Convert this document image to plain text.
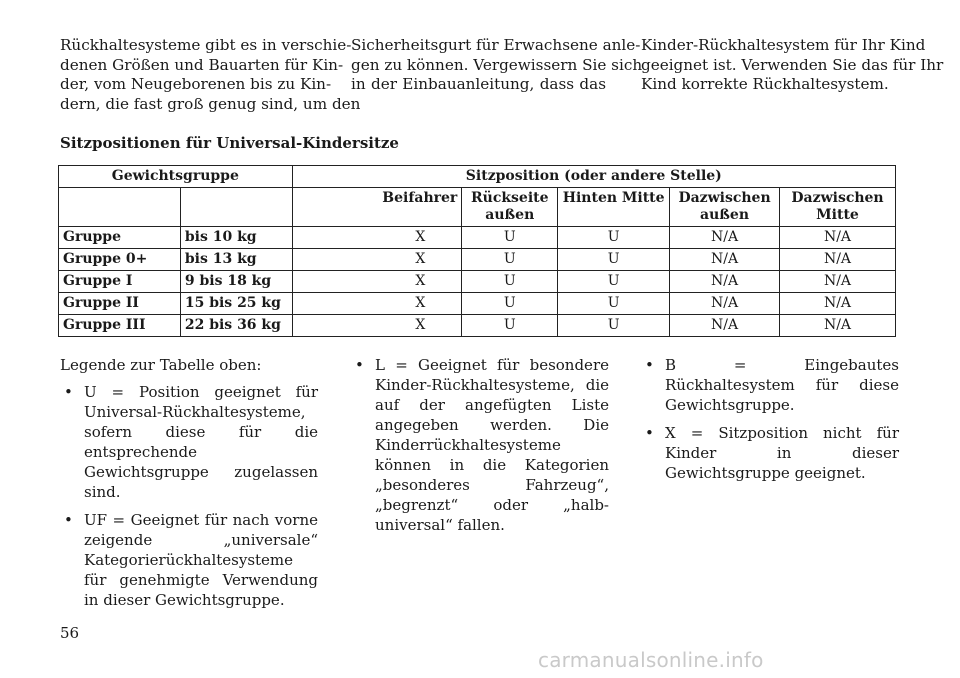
Rückhaltesysteme gibt es in verschie-
denen Größen und Bauarten für Kin-
der, vom Neugeborenen bis zu Kin-
dern, die fast groß genug sind, um den
Sicherheitsgurt für Erwachsene anle-
gen zu können. Vergewissern Sie sich
in der Einbauanleitung, dass das
Kinder-Rückhaltesystem für Ihr Kind
geeignet ist. Verwenden Sie das für Ihr
Kind korrekte Rückhaltesystem.
Sitzpositionen für Universal-Kindersitze
Gewichtsgruppe		Sitzposition (oder andere Stelle)				
		Beifahrer	Rückseite außen	Hinten Mitte	Dazwischen außen	Dazwischen Mitte
Gruppe	bis 10 kg	X	U	U	N/A	N/A
Gruppe 0+	bis 13 kg	X	U	U	N/A	N/A
Gruppe I	9 bis 18 kg	X	U	U	N/A	N/A
Gruppe II	15 bis 25 kg	X	U	U	N/A	N/A
Gruppe III	22 bis 36 kg	X	U	U	N/A	N/A

Legende zur Tabelle oben:

• U = Position geeignet für Universal-Rückhaltesysteme, sofern diese für die entsprechende Gewichtsgruppe zugelassen sind.
• UF = Geeignet für nach vorne zeigende „universale“ Kategorierückhaltesysteme für genehmigte Verwendung in dieser Gewichtsgruppe.
• L = Geeignet für besondere Kinder-Rückhaltesysteme, die auf der angefügten Liste angegeben werden. Die Kinderrückhaltesysteme können in die Kategorien „besonderes Fahrzeug“, „begrenzt“ oder „halb-universal“ fallen.
• B = Eingebautes Rückhaltesystem für diese Gewichtsgruppe.
• X = Sitzposition nicht für Kinder in dieser Gewichtsgruppe geeignet.
56
carmanualsonline.info
